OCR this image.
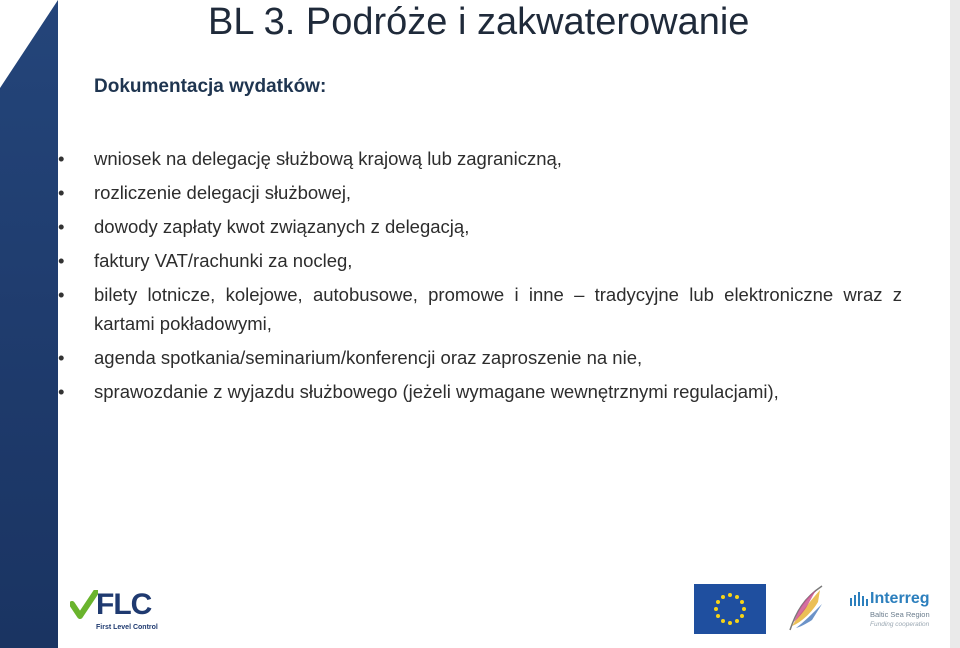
BL 3. Podróże i zakwaterowanie
Dokumentacja wydatków:
• wniosek na delegację służbową krajową lub zagraniczną,
• rozliczenie delegacji służbowej,
• dowody zapłaty kwot związanych z delegacją,
• faktury VAT/rachunki za nocleg,
• bilety lotnicze, kolejowe, autobusowe, promowe i inne – tradycyjne lub elektroniczne wraz z kartami pokładowymi,
• agenda spotkania/seminarium/konferencji oraz zaproszenie na nie,
• sprawozdanie z wyjazdu służbowego (jeżeli wymagane wewnętrznymi regulacjami),
FLC
First Level Control
Interreg
Baltic Sea Region
Funding cooperation
